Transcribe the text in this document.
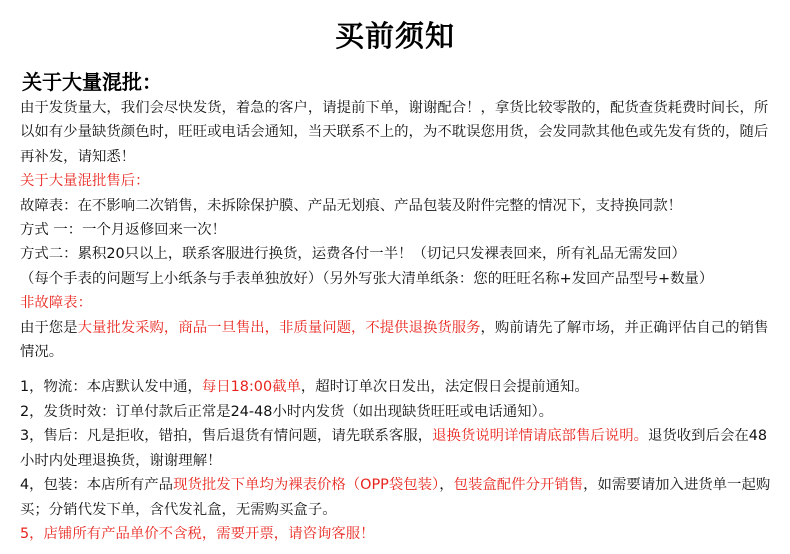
买前须知
关于大量混批：

由于发货量大，我们会尽快发货，着急的客户，请提前下单，谢谢配合！，拿货比较零散的，配货查货耗费时间长，所以如有少量缺货颜色时，旺旺或电话会通知，当天联系不上的，为不耽误您用货，会发同款其他色或先发有货的，随后再补发，请知悉！

关于大量混批售后：

故障表：在不影响二次销售，未拆除保护膜、产品无划痕、产品包装及附件完整的情况下，支持换同款！

方式 一：一个月返修回来一次！

方式二：累积20只以上，联系客服进行换货，运费各付一半！（切记只发裸表回来，所有礼品无需发回）

（每个手表的问题写上小纸条与手表单独放好）（另外写张大清单纸条：您的旺旺名称+发回产品型号+数量）

非故障表：

由于您是大量批发采购，商品一旦售出，非质量问题，不提供退换货服务，购前请先了解市场，并正确评估自己的销售情况。

1，物流：本店默认发中通，每日18:00截单，超时订单次日发出，法定假日会提前通知。

2，发货时效：订单付款后正常是24-48小时内发货（如出现缺货旺旺或电话通知）。

3，售后：凡是拒收，错拍，售后退货有情问题，请先联系客服，退换货说明详情请底部售后说明。退货收到后会在48小时内处理退换货，谢谢理解！

4，包装：本店所有产品现货批发下单均为裸表价格（OPP袋包装），包装盒配件分开销售，如需要请加入进货单一起购买；分销代发下单，含代发礼盒，无需购买盒子。

5，店铺所有产品单价不含税，需要开票，请咨询客服！
